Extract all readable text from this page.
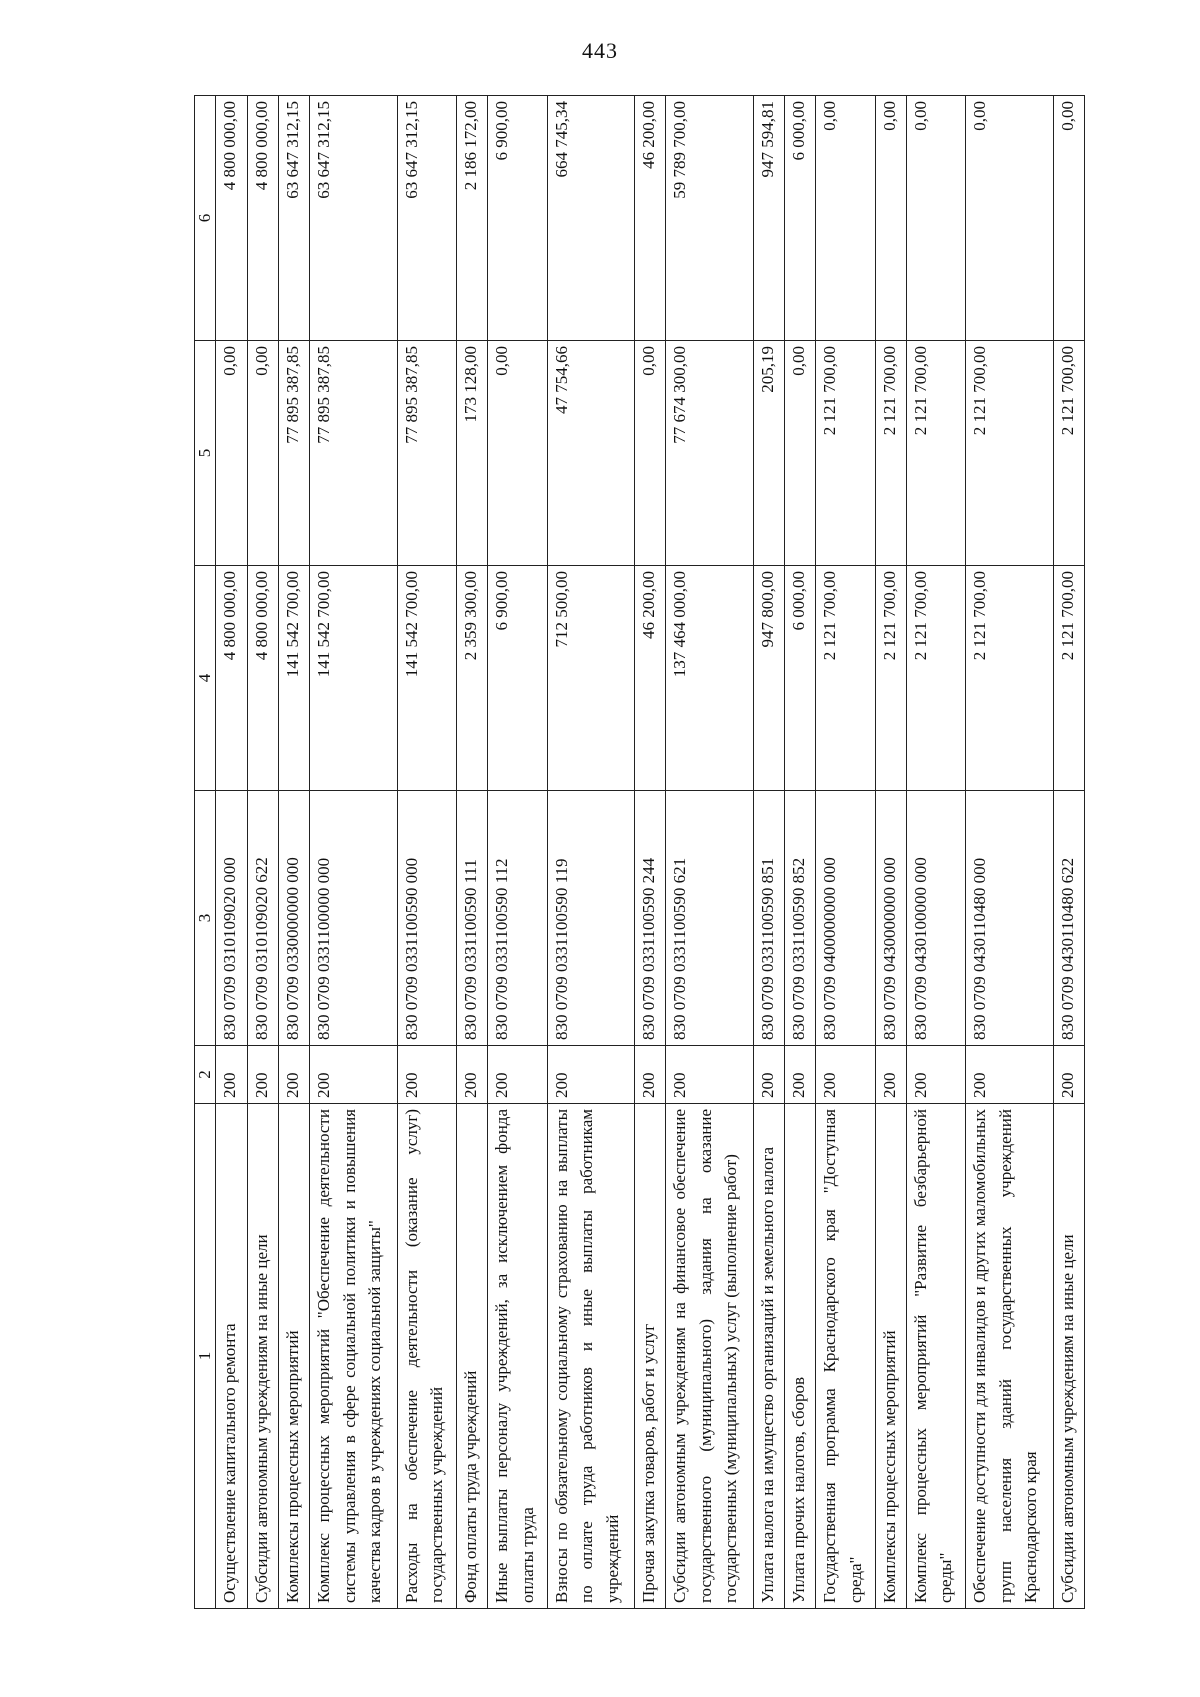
443
1	2	3	4	5	6
Осуществление капитального ремонта	200	830 0709 0310109020 000	4 800 000,00	0,00	4 800 000,00
Субсидии автономным учреждениям на иные цели	200	830 0709 0310109020 622	4 800 000,00	0,00	4 800 000,00
Комплексы процессных мероприятий	200	830 0709 0330000000 000	141 542 700,00	77 895 387,85	63 647 312,15
Комплекс процессных мероприятий "Обеспечение деятельности системы управления в сфере социальной политики и повышения качества кадров в учреждениях социальной защиты"	200	830 0709 0331100000 000	141 542 700,00	77 895 387,85	63 647 312,15
Расходы на обеспечение деятельности (оказание услуг) государственных учреждений	200	830 0709 0331100590 000	141 542 700,00	77 895 387,85	63 647 312,15
Фонд оплаты труда учреждений	200	830 0709 0331100590 111	2 359 300,00	173 128,00	2 186 172,00
Иные выплаты персоналу учреждений, за исключением фонда оплаты труда	200	830 0709 0331100590 112	6 900,00	0,00	6 900,00
Взносы по обязательному социальному страхованию на выплаты по оплате труда работников и иные выплаты работникам учреждений	200	830 0709 0331100590 119	712 500,00	47 754,66	664 745,34
Прочая закупка товаров, работ и услуг	200	830 0709 0331100590 244	46 200,00	0,00	46 200,00
Субсидии автономным учреждениям на финансовое обеспечение государственного (муниципального) задания на оказание государственных (муниципальных) услуг (выполнение работ)	200	830 0709 0331100590 621	137 464 000,00	77 674 300,00	59 789 700,00
Уплата налога на имущество организаций и земельного налога	200	830 0709 0331100590 851	947 800,00	205,19	947 594,81
Уплата прочих налогов, сборов	200	830 0709 0331100590 852	6 000,00	0,00	6 000,00
Государственная программа Краснодарского края "Доступная среда"	200	830 0709 0400000000 000	2 121 700,00	2 121 700,00	0,00
Комплексы процессных мероприятий	200	830 0709 0430000000 000	2 121 700,00	2 121 700,00	0,00
Комплекс процессных мероприятий "Развитие безбарьерной среды"	200	830 0709 0430100000 000	2 121 700,00	2 121 700,00	0,00
Обеспечение доступности для инвалидов и других маломобильных групп населения зданий государственных учреждений Краснодарского края	200	830 0709 0430110480 000	2 121 700,00	2 121 700,00	0,00
Субсидии автономным учреждениям на иные цели	200	830 0709 0430110480 622	2 121 700,00	2 121 700,00	0,00
